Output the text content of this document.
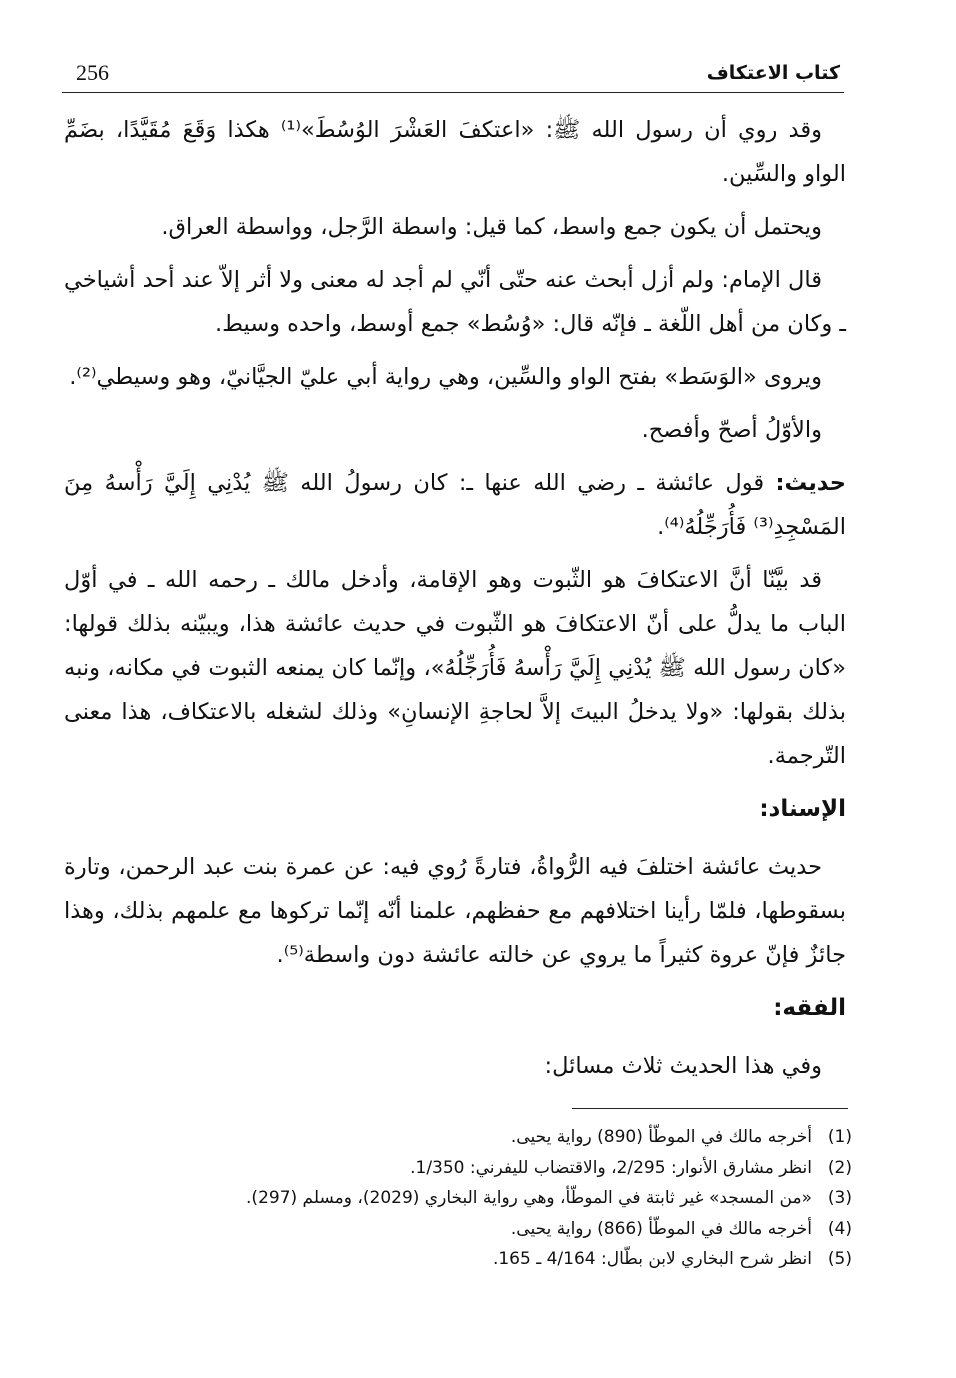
256	كتاب الاعتكاف

وقد روي أن رسول الله ﷺ: «اعتكفَ العَشْرَ الوُسُطَ»⁽¹⁾ هكذا وَقَعَ مُقَيَّدًا، بضَمِّ الواو والسِّين.

ويحتمل أن يكون جمع واسط، كما قيل: واسطة الرَّجل، وواسطة العراق.

قال الإمام: ولم أزل أبحث عنه حتّى أنّي لم أجد له معنى ولا أثر إلاّ عند أحد أشياخي ـ وكان من أهل اللّغة ـ فإنّه قال: «وُسُط» جمع أوسط، واحده وسيط.

ويروى «الوَسَط» بفتح الواو والسِّين، وهي رواية أبي عليّ الجيَّانيّ، وهو وسيطي⁽²⁾.

والأوّلُ أصحّ وأفصح.

حديث: قول عائشة ـ رضي الله عنها ـ: كان رسولُ الله ﷺ يُدْنِي إِلَيَّ رَأْسهُ مِنَ المَسْجِدِ⁽³⁾ فَأُرَجِّلُهُ⁽⁴⁾.

قد بيَّنّا أنَّ الاعتكافَ هو الثّبوت وهو الإقامة، وأدخل مالك ـ رحمه الله ـ في أوّل الباب ما يدلُّ على أنّ الاعتكافَ هو الثّبوت في حديث عائشة هذا، ويبيّنه بذلك قولها: «كان رسول الله ﷺ يُدْنِي إِلَيَّ رَأْسهُ فَأُرَجِّلُهُ»، وإنّما كان يمنعه الثبوت في مكانه، ونبه بذلك بقولها: «ولا يدخلُ البيتَ إلاَّ لحاجةِ الإنسانِ» وذلك لشغله بالاعتكاف، هذا معنى التّرجمة.

الإسناد:

حديث عائشة اختلفَ فيه الرُّواةُ، فتارةً رُوي فيه: عن عمرة بنت عبد الرحمن، وتارة بسقوطها، فلمّا رأينا اختلافهم مع حفظهم، علمنا أنّه إنّما تركوها مع علمهم بذلك، وهذا جائزٌ فإنّ عروة كثيراً ما يروي عن خالته عائشة دون واسطة⁽⁵⁾.

الفقه:

وفي هذا الحديث ثلاث مسائل:

(1)
أخرجه مالك في الموطّأ (890) رواية يحيى.
(2)
انظر مشارق الأنوار: 2/295، والاقتضاب لليفرني: 1/350.
(3)
«من المسجد» غير ثابتة في الموطّأ، وهي رواية البخاري (2029)، ومسلم (297).
(4)
أخرجه مالك في الموطّأ (866) رواية يحيى.
(5)
انظر شرح البخاري لابن بطّال: 4/164 ـ 165.
